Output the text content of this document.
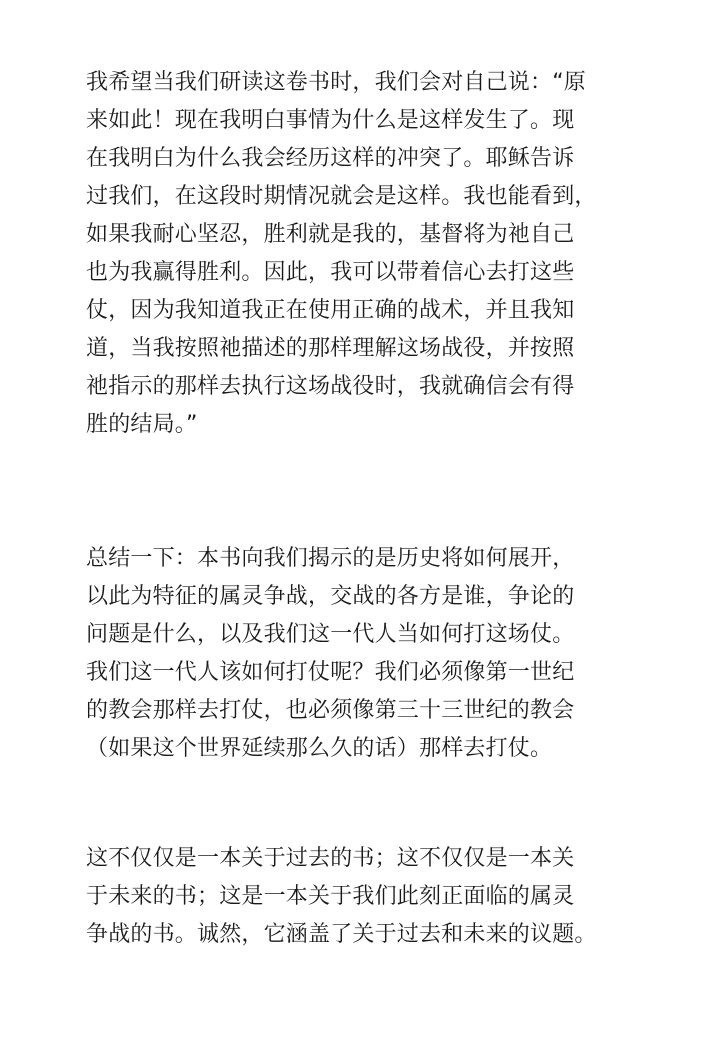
我希望当我们研读这卷书时，我们会对自己说：“原
来如此！现在我明白事情为什么是这样发生了。现
在我明白为什么我会经历这样的冲突了。耶稣告诉
过我们，在这段时期情况就会是这样。我也能看到，
如果我耐心坚忍，胜利就是我的，基督将为祂自己
也为我赢得胜利。因此，我可以带着信心去打这些
仗，因为我知道我正在使用正确的战术，并且我知
道，当我按照祂描述的那样理解这场战役，并按照
祂指示的那样去执行这场战役时，我就确信会有得
胜的结局。”

总结一下：本书向我们揭示的是历史将如何展开，
以此为特征的属灵争战，交战的各方是谁，争论的
问题是什么，以及我们这一代人当如何打这场仗。
我们这一代人该如何打仗呢？我们必须像第一世纪
的教会那样去打仗，也必须像第三十三世纪的教会
（如果这个世界延续那么久的话）那样去打仗。

这不仅仅是一本关于过去的书；这不仅仅是一本关
于未来的书；这是一本关于我们此刻正面临的属灵
争战的书。诚然，它涵盖了关于过去和未来的议题。
